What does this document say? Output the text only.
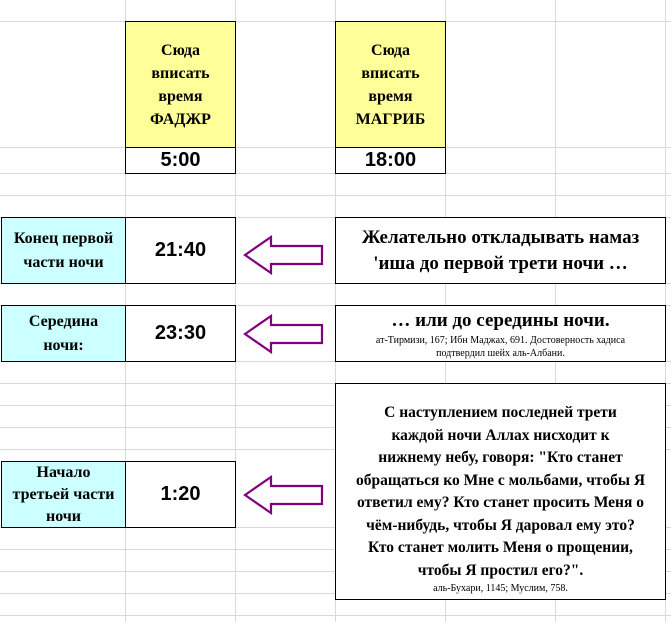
Сюда
вписать
время
ФАДЖР
5:00
Сюда
вписать
время
МАГРИБ
18:00
Конец первой
части ночи
21:40
Желательно откладывать намаз
'иша до первой трети ночи …
Середина
ночи:
23:30
… или до середины ночи.
ат-Тирмизи, 167; Ибн Маджах, 691. Достоверность хадиса
подтвердил шейх аль-Албани.
Начало
третьей части
ночи
1:20
С наступлением последней трети
каждой ночи Аллах нисходит к
нижнему небу, говоря: "Кто станет
обращаться ко Мне с мольбами, чтобы Я
ответил ему? Кто станет просить Меня о
чём-нибудь, чтобы Я даровал ему это?
Кто станет молить Меня о прощении,
чтобы Я простил его?".
аль-Бухари, 1145; Муслим, 758.
